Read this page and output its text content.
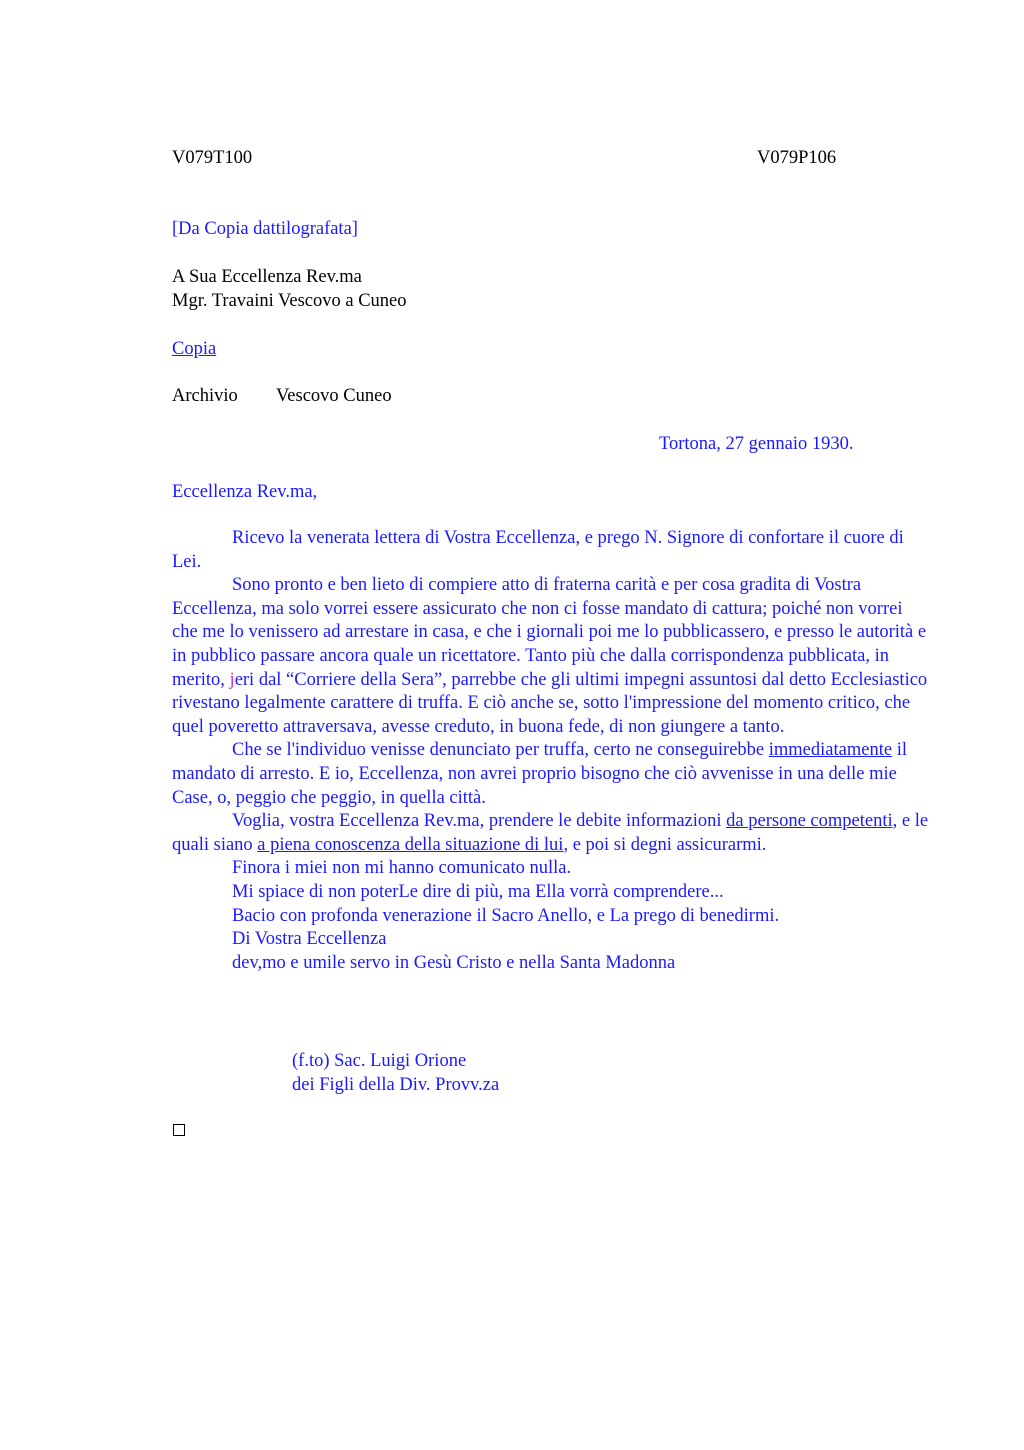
V079T100	V079P106
[Da Copia dattilografata]
A Sua Eccellenza Rev.ma
Mgr. Travaini Vescovo a Cuneo
Copia
Archivio Vescovo Cuneo
Tortona, 27 gennaio 1930.
Eccellenza Rev.ma,

Ricevo la venerata lettera di Vostra Eccellenza, e prego N. Signore di confortare il cuore di Lei.

Sono pronto e ben lieto di compiere atto di fraterna carità e per cosa gradita di Vostra Eccellenza, ma solo vorrei essere assicurato che non ci fosse mandato di cattura; poiché non vorrei che me lo venissero ad arrestare in casa, e che i giornali poi me lo pubblicassero, e presso le autorità e in pubblico passare ancora quale un ricettatore. Tanto più che dalla corrispondenza pubblicata, in merito, jeri dal “Corriere della Sera”, parrebbe che gli ultimi impegni assuntosi dal detto Ecclesiastico rivestano legalmente carattere di truffa. E ciò anche se, sotto l'impressione del momento critico, che quel poveretto attraversava, avesse creduto, in buona fede, di non giungere a tanto.

Che se l'individuo venisse denunciato per truffa, certo ne conseguirebbe immediatamente il mandato di arresto. E io, Eccellenza, non avrei proprio bisogno che ciò avvenisse in una delle mie Case, o, peggio che peggio, in quella città.

Voglia, vostra Eccellenza Rev.ma, prendere le debite informazioni da persone competenti, e le quali siano a piena conoscenza della situazione di lui, e poi si degni assicurarmi.

Finora i miei non mi hanno comunicato nulla.

Mi spiace di non poterLe dire di più, ma Ella vorrà comprendere...

Bacio con profonda venerazione il Sacro Anello, e La prego di benedirmi.

Di Vostra Eccellenza

dev,mo e umile servo in Gesù Cristo e nella Santa Madonna

(f.to) Sac. Luigi Orione
dei Figli della Div. Provv.za
